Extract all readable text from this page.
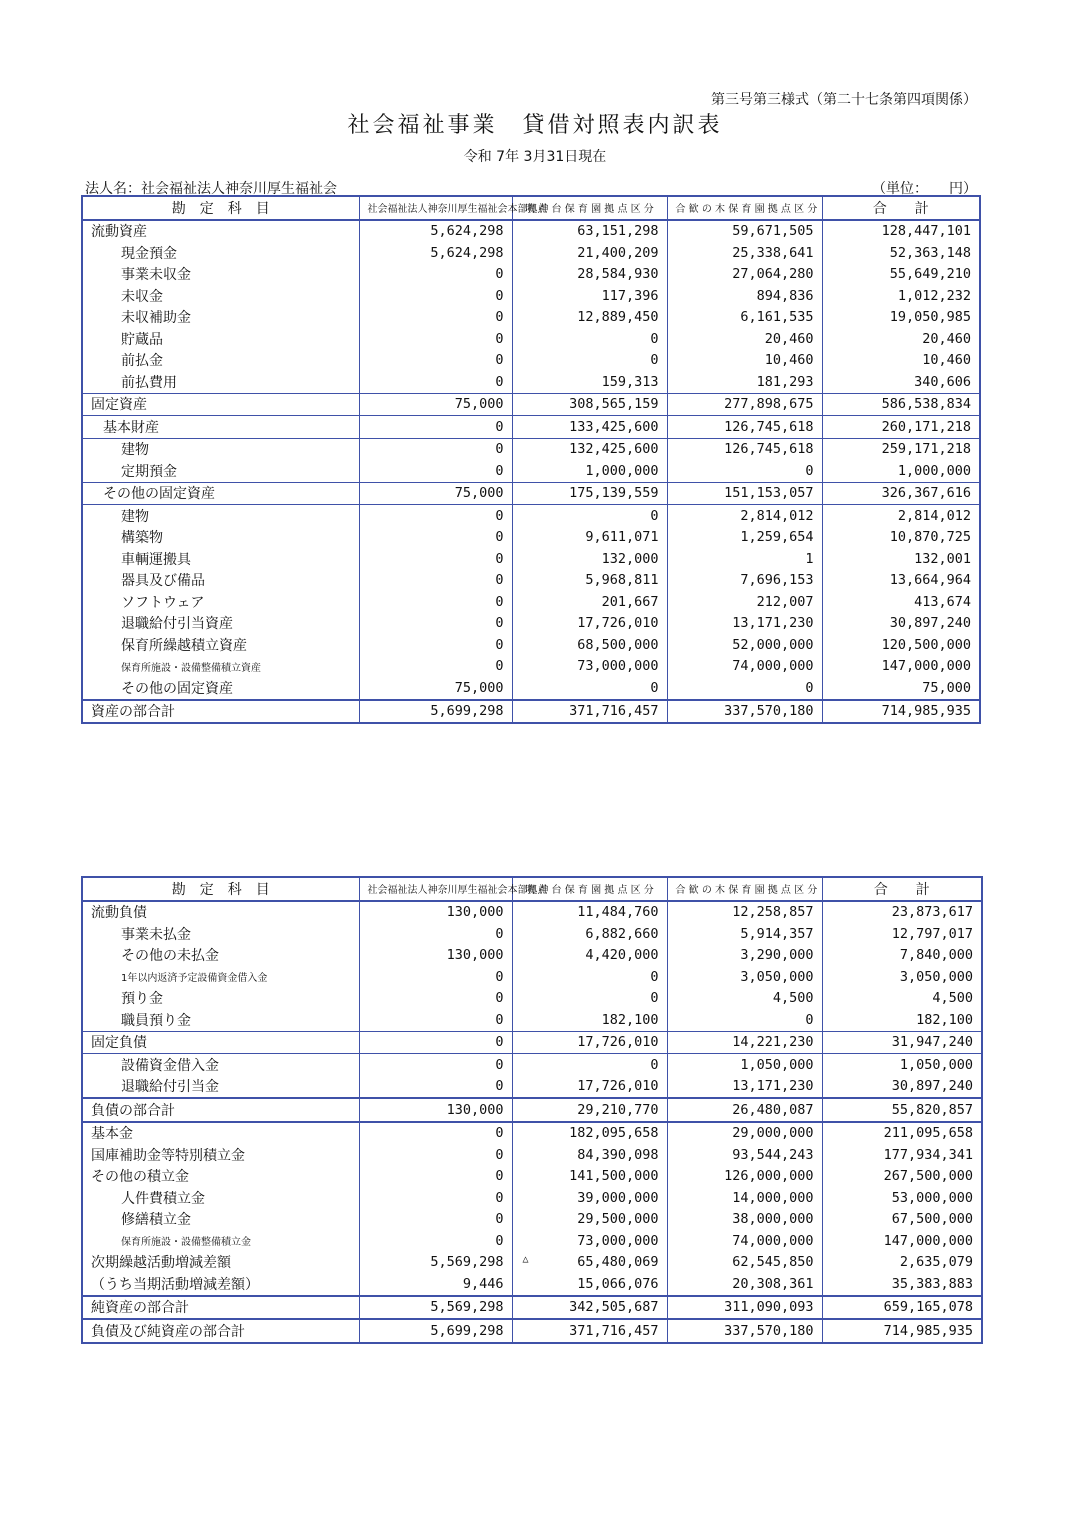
第三号第三様式（第二十七条第四項関係）
社会福祉事業　貸借対照表内訳表
令和 7年 3月31日現在
法人名：社会福祉法人神奈川厚生福祉会	（単位：　　円）
勘　定　科　目	社会福祉法人神奈川厚生福祉会本部拠点	明 神 台 保 育 園 拠 点 区 分	合 歓 の 木 保 育 園 拠 点 区 分	合　　計
流動資産	5,624,298	63,151,298	59,671,505	128,447,101
現金預金	5,624,298	21,400,209	25,338,641	52,363,148
事業未収金	0	28,584,930	27,064,280	55,649,210
未収金	0	117,396	894,836	1,012,232
未収補助金	0	12,889,450	6,161,535	19,050,985
貯蔵品	0	0	20,460	20,460
前払金	0	0	10,460	10,460
前払費用	0	159,313	181,293	340,606
固定資産	75,000	308,565,159	277,898,675	586,538,834
基本財産	0	133,425,600	126,745,618	260,171,218
建物	0	132,425,600	126,745,618	259,171,218
定期預金	0	1,000,000	0	1,000,000
その他の固定資産	75,000	175,139,559	151,153,057	326,367,616
建物	0	0	2,814,012	2,814,012
構築物	0	9,611,071	1,259,654	10,870,725
車輌運搬具	0	132,000	1	132,001
器具及び備品	0	5,968,811	7,696,153	13,664,964
ソフトウェア	0	201,667	212,007	413,674
退職給付引当資産	0	17,726,010	13,171,230	30,897,240
保育所繰越積立資産	0	68,500,000	52,000,000	120,500,000
保育所施設・設備整備積立資産	0	73,000,000	74,000,000	147,000,000
その他の固定資産	75,000	0	0	75,000
資産の部合計	5,699,298	371,716,457	337,570,180	714,985,935
勘　定　科　目	社会福祉法人神奈川厚生福祉会本部拠点	明 神 台 保 育 園 拠 点 区 分	合 歓 の 木 保 育 園 拠 点 区 分	合　　計
流動負債	130,000	11,484,760	12,258,857	23,873,617
事業未払金	0	6,882,660	5,914,357	12,797,017
その他の未払金	130,000	4,420,000	3,290,000	7,840,000
1年以内返済予定設備資金借入金	0	0	3,050,000	3,050,000
預り金	0	0	4,500	4,500
職員預り金	0	182,100	0	182,100
固定負債	0	17,726,010	14,221,230	31,947,240
設備資金借入金	0	0	1,050,000	1,050,000
退職給付引当金	0	17,726,010	13,171,230	30,897,240
負債の部合計	130,000	29,210,770	26,480,087	55,820,857
基本金	0	182,095,658	29,000,000	211,095,658
国庫補助金等特別積立金	0	84,390,098	93,544,243	177,934,341
その他の積立金	0	141,500,000	126,000,000	267,500,000
人件費積立金	0	39,000,000	14,000,000	53,000,000
修繕積立金	0	29,500,000	38,000,000	67,500,000
保育所施設・設備整備積立金	0	73,000,000	74,000,000	147,000,000
次期繰越活動増減差額	5,569,298	△ 65,480,069	62,545,850	2,635,079
（うち当期活動増減差額）	9,446	15,066,076	20,308,361	35,383,883
純資産の部合計	5,569,298	342,505,687	311,090,093	659,165,078
負債及び純資産の部合計	5,699,298	371,716,457	337,570,180	714,985,935
